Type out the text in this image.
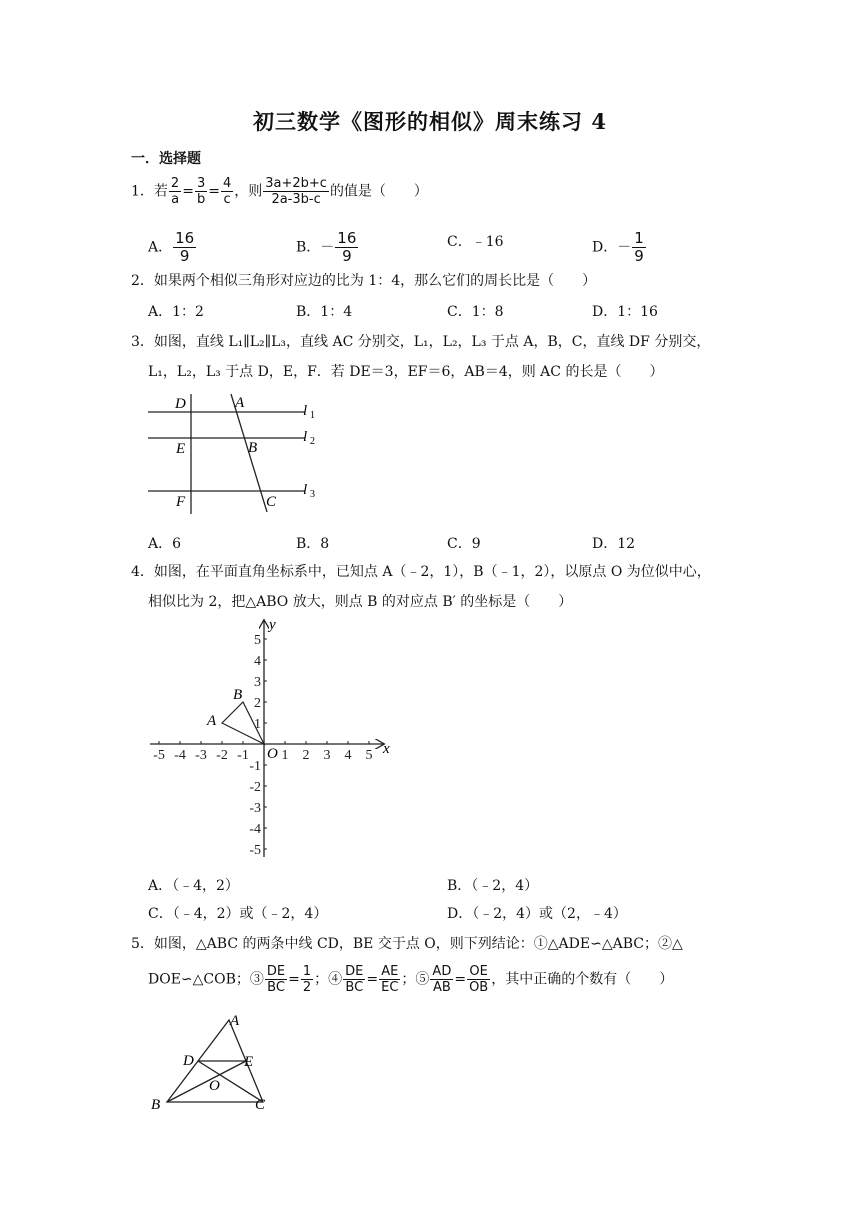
初三数学《图形的相似》周末练习 4
一．选择题
1．若 $\frac{2}{a} = \frac{3}{b} = \frac{4}{c}$ ，则 $\frac{3a+2b+c}{2a-3b-c}$ 的值是（　　）
A． $\frac{16}{9}$	B．－ $\frac{16}{9}$	C．﹣16	D．－ $\frac{1}{9}$
2．如果两个相似三角形对应边的比为 1：4，那么它们的周长比是（　　）
A．1：2	B．1：4	C．1：8	D．1：16
3．如图，直线 L₁∥L₂∥L₃，直线 AC 分别交，L₁，L₂，L₃ 于点 A，B，C，直线 DF 分别交，
L₁，L₂，L₃ 于点 D，E，F．若 DE＝3，EF＝6，AB＝4，则 AC 的长是（　　）
D	A
E	B
F	C
l
l
l
1
2
3
A．6	B．8	C．9	D．12
4．如图，在平面直角坐标系中，已知点 A（﹣2，1），B（﹣1，2），以原点 O 为位似中心，
相似比为 2，把△ABO 放大，则点 B 的对应点 B′ 的坐标是（　　）
-5 -4 -3 -2 -1 1 2 3 4 5
5
4
3
2
1
-1
-2
-3
-4
-5
A
B
O	x
y
A．（﹣4，2）	B．（﹣2，4）
C．（﹣4，2）或（﹣2，4）	D．（﹣2，4）或（2，﹣4）
5．如图，△ABC 的两条中线 CD，BE 交于点 O，则下列结论：①△ADE∽△ABC；②△
DOE∽△COB；③ $\frac{DE}{BC} = \frac{1}{2}$ ；④ $\frac{DE}{BC} = \frac{AE}{EC}$ ；⑤ $\frac{AD}{AB} = \frac{OE}{OB}$ ，其中正确的个数有（　　）
A
D	E
O
B	C
